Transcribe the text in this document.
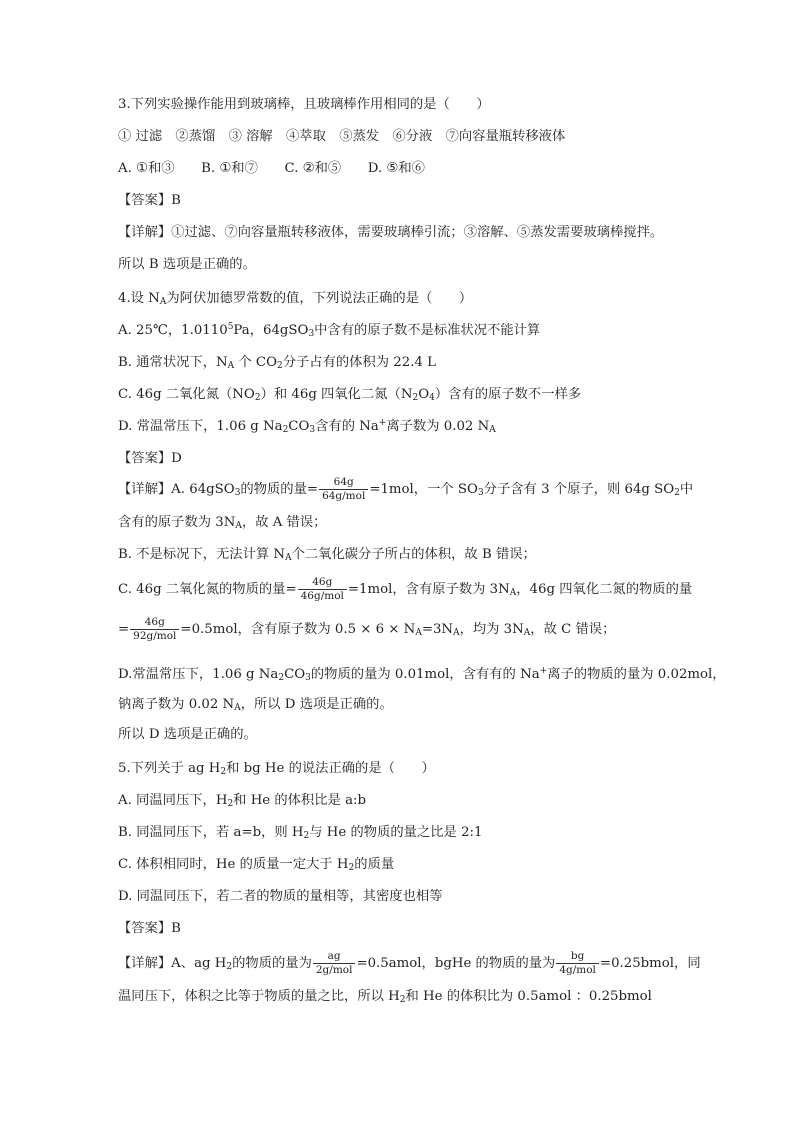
3.下列实验操作能用到玻璃棒，且玻璃棒作用相同的是（　　）
① 过滤　②蒸馏　③ 溶解　④萃取　⑤蒸发　⑥分液　⑦向容量瓶转移液体
A. ①和③　　B. ①和⑦　　C. ②和⑤　　D. ⑤和⑥
【答案】B
【详解】①过滤、⑦向容量瓶转移液体，需要玻璃棒引流；③溶解、⑤蒸发需要玻璃棒搅拌。
所以 B 选项是正确的。
4.设 $N_A$为阿伏加德罗常数的值，下列说法正确的是（　　）
A. 25℃，1.0110$^5$Pa，64gSO$_3$中含有的原子数不是标准状况不能计算
B. 通常状况下，$N_A$ 个 $CO_2$分子占有的体积为 22.4 L
C. 46g 二氧化氮$(NO_2)$和 46g 四氧化二氮$(N_2O_4)$含有的原子数不一样多
D. 常温常压下，1.06 g $Na_2CO_3$含有的 Na+离子数为 0.02 $N_A$
【答案】D
【详解】A. 64gSO$_3$的物质的量= $\frac{64g}{\text{64g/mol}} =1mol$，一个 $SO_3$分子含有 3 个原子，则 64g $SO_2$中
含有的原子数为 $3N_A$，故 A 错误；
B. 不是标况下，无法计算 $N_A$个二氧化碳分子所占的体积，故 B 错误；
C. 46g 二氧化氮的物质的量= $\frac{46g}{\text{46g/mol}} =1mol$，含有原子数为 $3N_A$，46g 四氧化二氮的物质的量
= $\frac{46g}{\text{92g/mol}} =0.5mol$，含有原子数为 $0.5 \times 6 \times N_A=3N_A$，均为 $3N_A$，故 C 错误；
D.常温常压下，1.06 g $Na_2CO_3$的物质的量为 0.01mol，含有有的 Na+离子的物质的量为 0.02mol，
钠离子数为 0.02 $N_A$，所以 D 选项是正确的。
所以 D 选项是正确的。
5.下列关于 ag $H_2$和 bg He 的说法正确的是（　　）
A. 同温同压下，$H_2$和 He 的体积比是 a:b
B. 同温同压下，若 a=b，则 $H_2$与 He 的物质的量之比是 2:1
C. 体积相同时，He 的质量一定大于 $H_2$的质量
D. 同温同压下，若二者的物质的量相等，其密度也相等
【答案】B
【详解】A、ag $H_2$的物质的量为 $\frac{ag}{\text{2g/mol}}$ =0.5amol，bgHe 的物质的量为 $\frac{bg}{\text{4g/mol}}$ =0.25bmol，同
温同压下，体积之比等于物质的量之比，所以 $H_2$和 He 的体积比为 0.5amol ：0.25bmol
